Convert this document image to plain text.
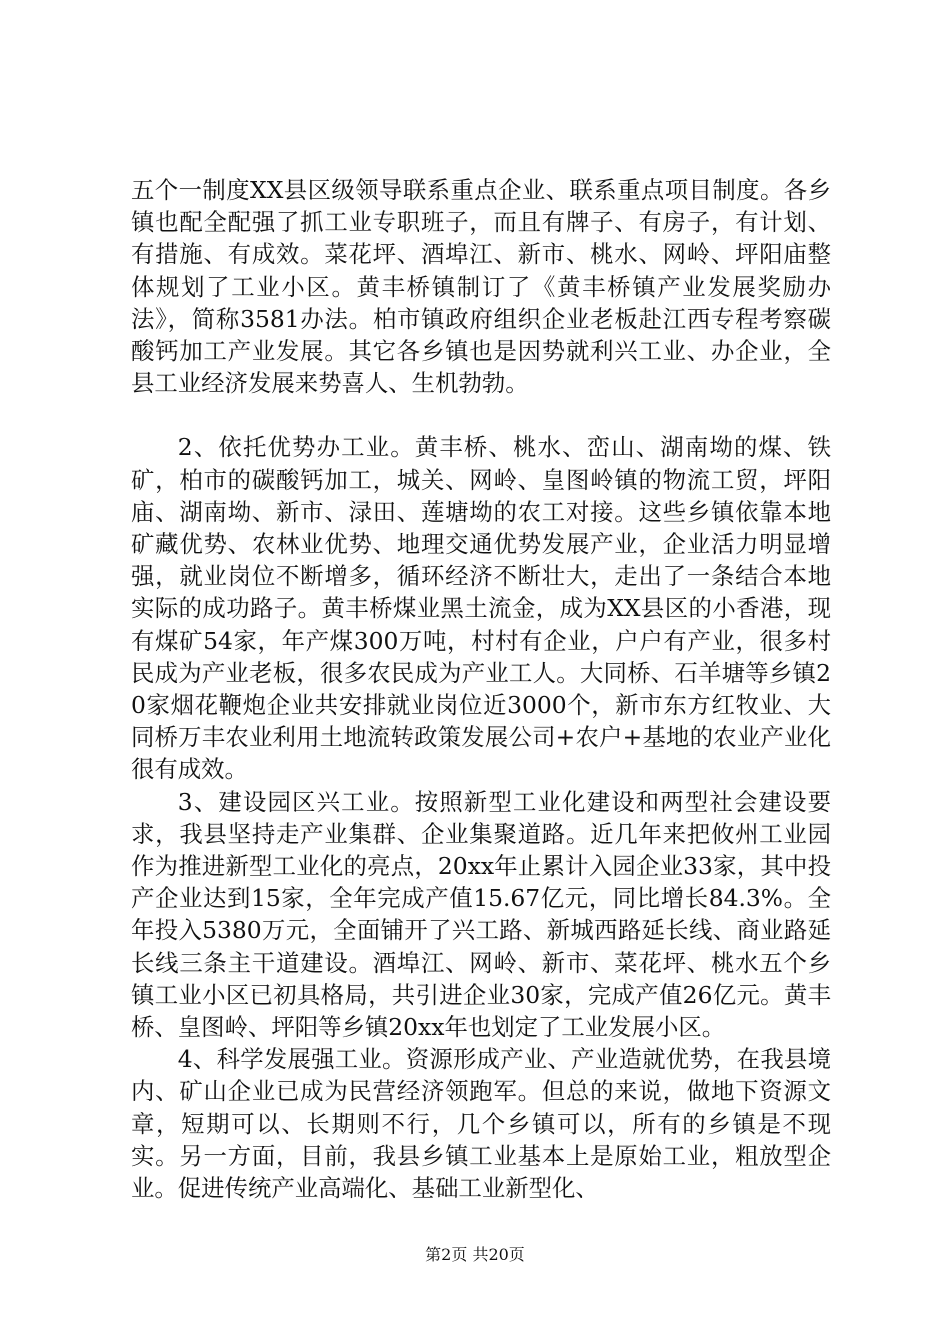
五个一制度XX县区级领导联系重点企业、联系重点项目制度。各乡镇也配全配强了抓工业专职班子，而且有牌子、有房子，有计划、有措施、有成效。菜花坪、酒埠江、新市、桃水、网岭、坪阳庙整体规划了工业小区。黄丰桥镇制订了《黄丰桥镇产业发展奖励办法》，简称3581办法。柏市镇政府组织企业老板赴江西专程考察碳酸钙加工产业发展。其它各乡镇也是因势就利兴工业、办企业，全县工业经济发展来势喜人、生机勃勃。

2、依托优势办工业。黄丰桥、桃水、峦山、湖南坳的煤、铁矿，柏市的碳酸钙加工，城关、网岭、皇图岭镇的物流工贸，坪阳庙、湖南坳、新市、渌田、莲塘坳的农工对接。这些乡镇依靠本地矿藏优势、农林业优势、地理交通优势发展产业，企业活力明显增强，就业岗位不断增多，循环经济不断壮大，走出了一条结合本地实际的成功路子。黄丰桥煤业黑土流金，成为XX县区的小香港，现有煤矿54家，年产煤300万吨，村村有企业，户户有产业，很多村民成为产业老板，很多农民成为产业工人。大同桥、石羊塘等乡镇20家烟花鞭炮企业共安排就业岗位近3000个，新市东方红牧业、大同桥万丰农业利用土地流转政策发展公司+农户+基地的农业产业化很有成效。

3、建设园区兴工业。按照新型工业化建设和两型社会建设要求，我县坚持走产业集群、企业集聚道路。近几年来把攸州工业园作为推进新型工业化的亮点，20xx年止累计入园企业33家，其中投产企业达到15家，全年完成产值15.67亿元，同比增长84.3%。全年投入5380万元，全面铺开了兴工路、新城西路延长线、商业路延长线三条主干道建设。酒埠江、网岭、新市、菜花坪、桃水五个乡镇工业小区已初具格局，共引进企业30家，完成产值26亿元。黄丰桥、皇图岭、坪阳等乡镇20xx年也划定了工业发展小区。

4、科学发展强工业。资源形成产业、产业造就优势，在我县境内、矿山企业已成为民营经济领跑军。但总的来说，做地下资源文章，短期可以、长期则不行，几个乡镇可以，所有的乡镇是不现实。另一方面，目前，我县乡镇工业基本上是原始工业，粗放型企业。促进传统产业高端化、基础工业新型化、

第2页 共20页
